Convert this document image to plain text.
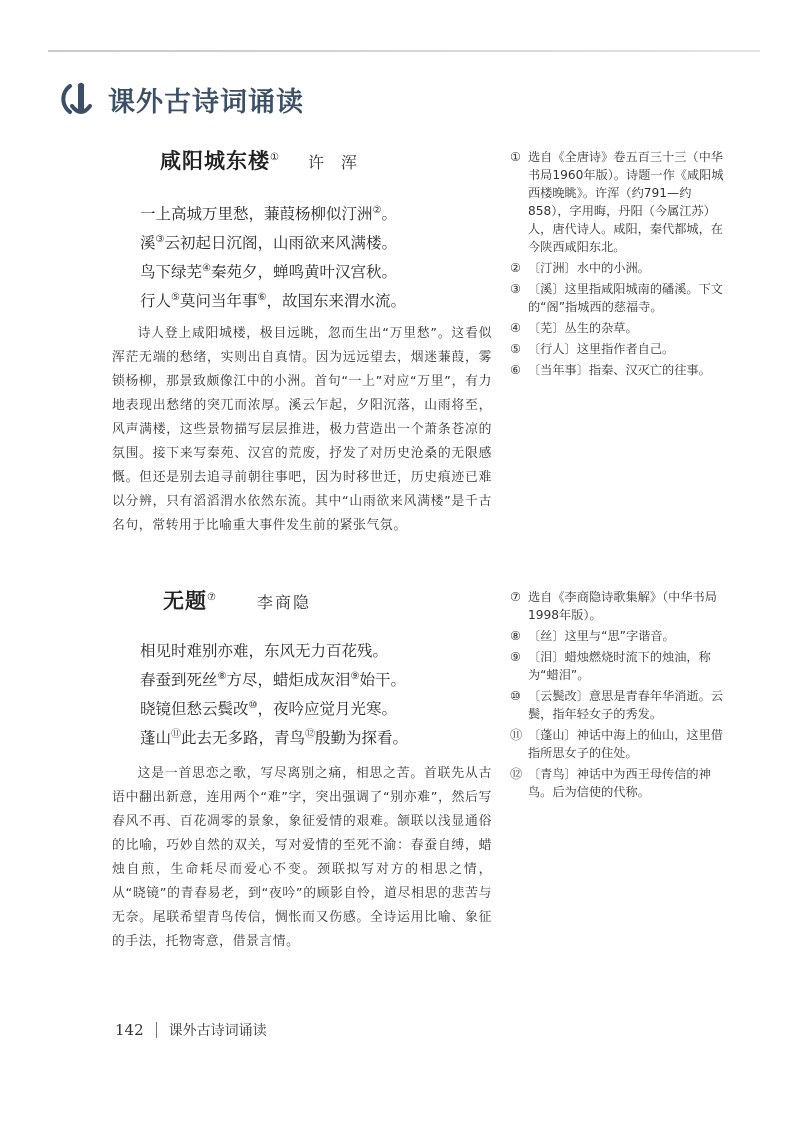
课外古诗词诵读
咸阳城东楼① 许 浑
一上高城万里愁，蒹葭杨柳似汀洲②。
溪③云初起日沉阁，山雨欲来风满楼。
鸟下绿芜④秦苑夕，蝉鸣黄叶汉宫秋。
行人⑤莫问当年事⑥，故国东来渭水流。
诗人登上咸阳城楼，极目远眺，忽而生出“万里愁”。这看似浑茫无端的愁绪，实则出自真情。因为远远望去，烟迷蒹葭，雾锁杨柳，那景致颇像江中的小洲。首句“一上”对应“万里”，有力地表现出愁绪的突兀而浓厚。溪云乍起，夕阳沉落，山雨将至，风声满楼，这些景物描写层层推进，极力营造出一个萧条苍凉的氛围。接下来写秦苑、汉宫的荒废，抒发了对历史沧桑的无限感慨。但还是别去追寻前朝往事吧，因为时移世迁，历史痕迹已难以分辨，只有滔滔渭水依然东流。其中“山雨欲来风满楼”是千古名句，常转用于比喻重大事件发生前的紧张气氛。
① 选自《全唐诗》卷五百三十三（中华书局1960年版）。诗题一作《咸阳城西楼晚眺》。许浑（约791—约858），字用晦，丹阳（今属江苏）人，唐代诗人。咸阳，秦代都城，在今陕西咸阳东北。
② 〔汀洲〕水中的小洲。
③ 〔溪〕这里指咸阳城南的磻溪。下文的“阁”指城西的慈福寺。
④ 〔芜〕丛生的杂草。
⑤ 〔行人〕这里指作者自己。
⑥ 〔当年事〕指秦、汉灭亡的往事。
无题⑦	李商隐
相见时难别亦难，东风无力百花残。
春蚕到死丝⑧方尽，蜡炬成灰泪⑨始干。
晓镜但愁云鬓改⑩，夜吟应觉月光寒。
蓬山⑪此去无多路，青鸟⑫殷勤为探看。
这是一首思恋之歌，写尽离别之痛，相思之苦。首联先从古语中翻出新意，连用两个“难”字，突出强调了“别亦难”，然后写春风不再、百花凋零的景象，象征爱情的艰难。颔联以浅显通俗的比喻，巧妙自然的双关，写对爱情的至死不渝：春蚕自缚，蜡烛自煎，生命耗尽而爱心不变。颈联拟写对方的相思之情，从“晓镜”的青春易老，到“夜吟”的顾影自怜，道尽相思的悲苦与无奈。尾联希望青鸟传信，惆怅而又伤感。全诗运用比喻、象征的手法，托物寄意，借景言情。
⑦ 选自《李商隐诗歌集解》（中华书局1998年版）。
⑧ 〔丝〕这里与“思”字谐音。
⑨ 〔泪〕蜡烛燃烧时流下的烛油，称为“蜡泪”。
⑩ 〔云鬓改〕意思是青春年华消逝。云鬓，指年轻女子的秀发。
⑪ 〔蓬山〕神话中海上的仙山，这里借指所思女子的住处。
⑫ 〔青鸟〕神话中为西王母传信的神鸟。后为信使的代称。
142 课外古诗词诵读
